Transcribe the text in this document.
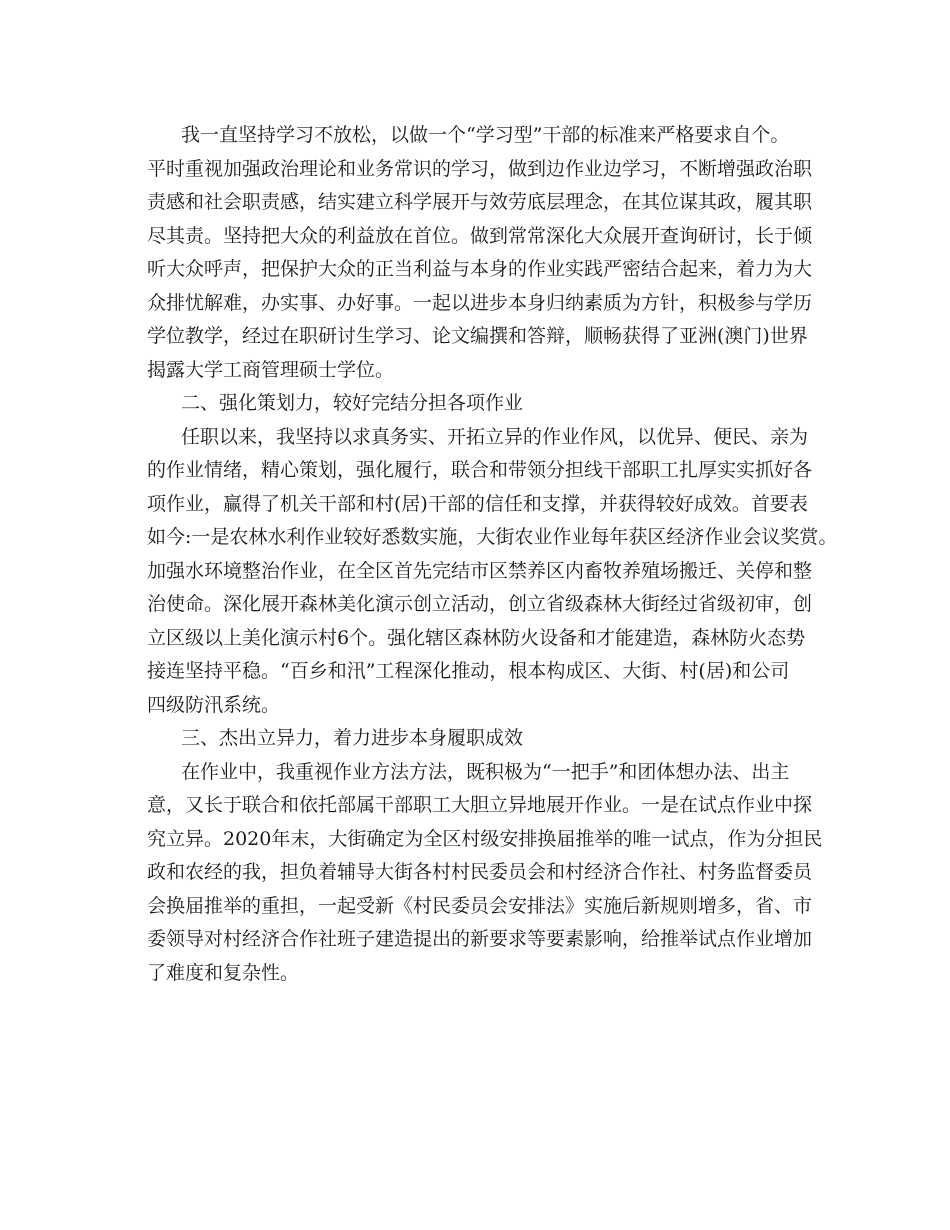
我一直坚持学习不放松，以做一个“学习型”干部的标准来严格要求自个。
平时重视加强政治理论和业务常识的学习，做到边作业边学习，不断增强政治职
责感和社会职责感，结实建立科学展开与效劳底层理念，在其位谋其政，履其职
尽其责。坚持把大众的利益放在首位。做到常常深化大众展开查询研讨，长于倾
听大众呼声，把保护大众的正当利益与本身的作业实践严密结合起来，着力为大
众排忧解难，办实事、办好事。一起以进步本身归纳素质为方针，积极参与学历
学位教学，经过在职研讨生学习、论文编撰和答辩，顺畅获得了亚洲(澳门)世界
揭露大学工商管理硕士学位。
二、强化策划力，较好完结分担各项作业
任职以来，我坚持以求真务实、开拓立异的作业作风，以优异、便民、亲为
的作业情绪，精心策划，强化履行，联合和带领分担线干部职工扎厚实实抓好各
项作业，赢得了机关干部和村(居)干部的信任和支撑，并获得较好成效。首要表
如今:一是农林水利作业较好悉数实施，大街农业作业每年获区经济作业会议奖赏。
加强水环境整治作业，在全区首先完结市区禁养区内畜牧养殖场搬迁、关停和整
治使命。深化展开森林美化演示创立活动，创立省级森林大街经过省级初审，创
立区级以上美化演示村6个。强化辖区森林防火设备和才能建造，森林防火态势
接连坚持平稳。“百乡和汛”工程深化推动，根本构成区、大街、村(居)和公司
四级防汛系统。
三、杰出立异力，着力进步本身履职成效
在作业中，我重视作业方法方法，既积极为“一把手”和团体想办法、出主
意，又长于联合和依托部属干部职工大胆立异地展开作业。一是在试点作业中探
究立异。2020年末，大街确定为全区村级安排换届推举的唯一试点，作为分担民
政和农经的我，担负着辅导大街各村村民委员会和村经济合作社、村务监督委员
会换届推举的重担，一起受新《村民委员会安排法》实施后新规则增多，省、市
委领导对村经济合作社班子建造提出的新要求等要素影响，给推举试点作业增加
了难度和复杂性。
